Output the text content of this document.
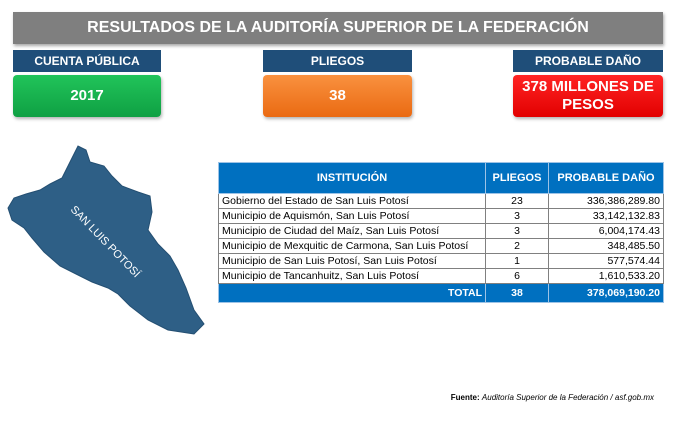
RESULTADOS DE LA AUDITORÍA SUPERIOR DE LA FEDERACIÓN
CUENTA PÚBLICA
2017
PLIEGOS
38
PROBABLE DAÑO
378 MILLONES DE PESOS
SAN LUIS POTOSÍ
INSTITUCIÓN	PLIEGOS	PROBABLE DAÑO
Gobierno del Estado de San Luis Potosí	23	336,386,289.80
Municipio de Aquismón, San Luis Potosí	3	33,142,132.83
Municipio de Ciudad del Maíz, San Luis Potosí	3	6,004,174.43
Municipio de Mexquitic de Carmona, San Luis Potosí	2	348,485.50
Municipio de San Luis Potosí, San Luis Potosí	1	577,574.44
Municipio de Tancanhuitz, San Luis Potosí	6	1,610,533.20
TOTAL	38	378,069,190.20
Fuente: Auditoría Superior de la Federación / asf.gob.mx
